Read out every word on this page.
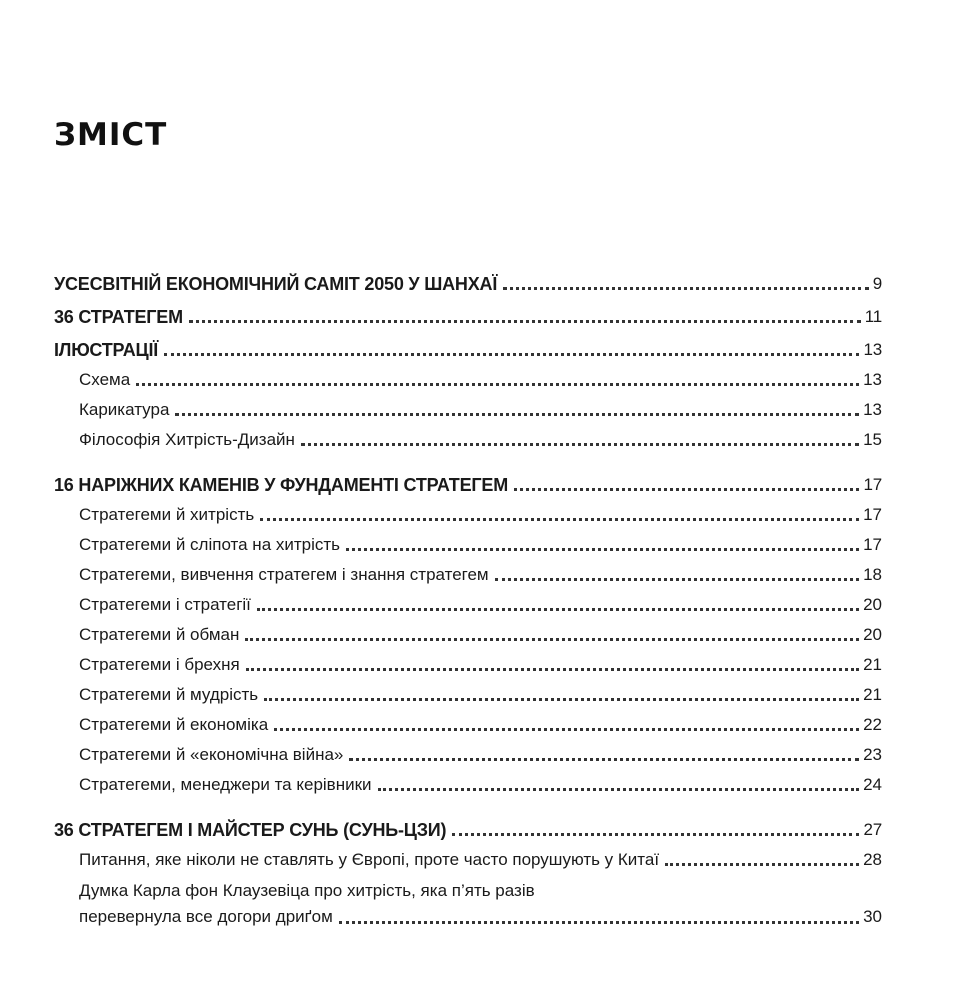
ЗМІСТ
УСЕСВІТНІЙ ЕКОНОМІЧНИЙ САМІТ 2050 У ШАНХАЇ	9
36 СТРАТЕГЕМ	11
ІЛЮСТРАЦІЇ	13
Схема	13
Карикатура	13
Філософія Хитрість-Дизайн	15
16 НАРІЖНИХ КАМЕНІВ У ФУНДАМЕНТІ СТРАТЕГЕМ	17
Стратегеми й хитрість	17
Стратегеми й сліпота на хитрість	17
Стратегеми, вивчення стратегем і знання стратегем	18
Стратегеми і стратегії	20
Стратегеми й обман	20
Стратегеми і брехня	21
Стратегеми й мудрість	21
Стратегеми й економіка	22
Стратегеми й «економічна війна»	23
Стратегеми, менеджери та керівники	24
36 СТРАТЕГЕМ І МАЙСТЕР СУНЬ (СУНЬ-ЦЗИ)	27
Питання, яке ніколи не ставлять у Європі, проте часто порушують у Китаї	28
Думка Карла фон Клаузевіца про хитрість, яка п’ять разів
перевернула все догори дриґом	30
